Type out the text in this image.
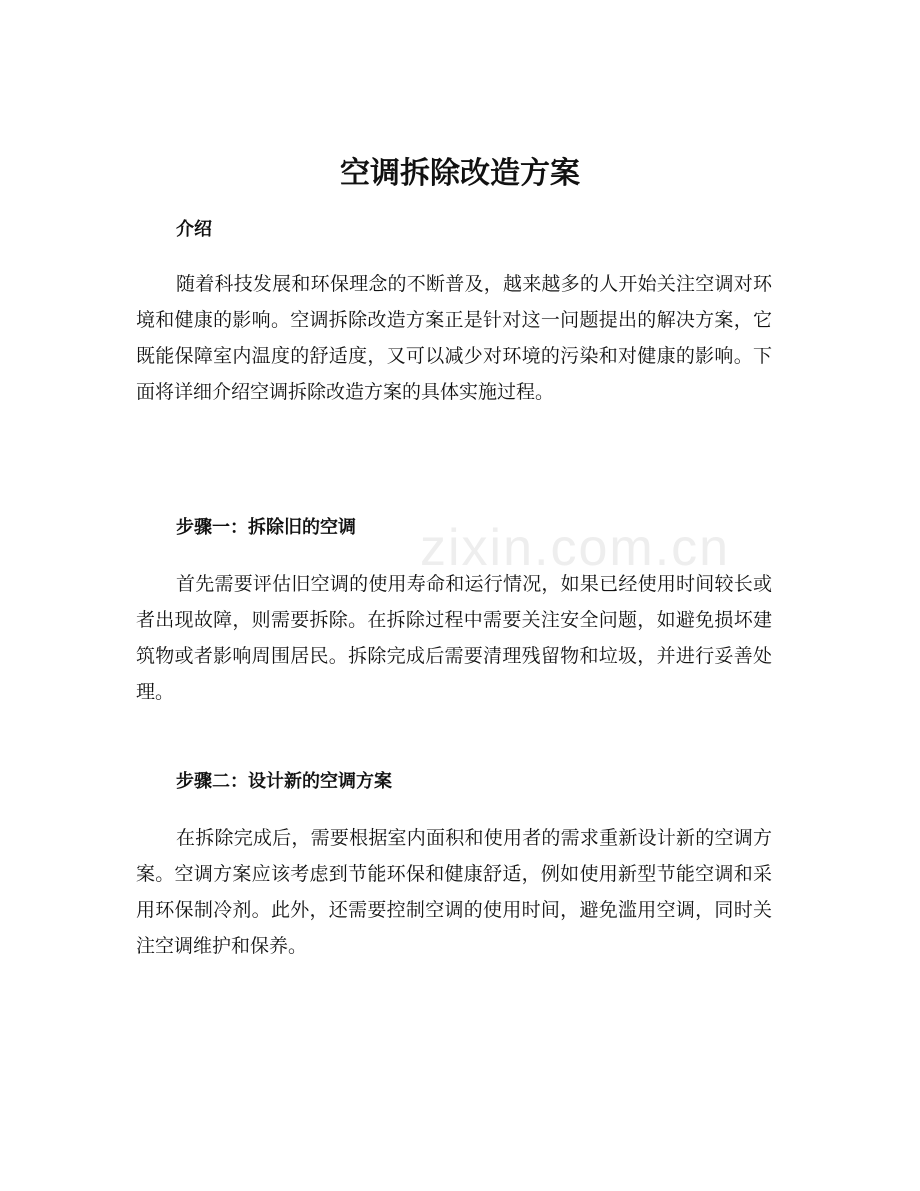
zixin.com.cn
空调拆除改造方案
介绍

随着科技发展和环保理念的不断普及，越来越多的人开始关注空调对环境和健康的影响。空调拆除改造方案正是针对这一问题提出的解决方案，它既能保障室内温度的舒适度，又可以减少对环境的污染和对健康的影响。下面将详细介绍空调拆除改造方案的具体实施过程。

步骤一：拆除旧的空调

首先需要评估旧空调的使用寿命和运行情况，如果已经使用时间较长或者出现故障，则需要拆除。在拆除过程中需要关注安全问题，如避免损坏建筑物或者影响周围居民。拆除完成后需要清理残留物和垃圾，并进行妥善处理。

步骤二：设计新的空调方案

在拆除完成后，需要根据室内面积和使用者的需求重新设计新的空调方案。空调方案应该考虑到节能环保和健康舒适，例如使用新型节能空调和采用环保制冷剂。此外，还需要控制空调的使用时间，避免滥用空调，同时关注空调维护和保养。
